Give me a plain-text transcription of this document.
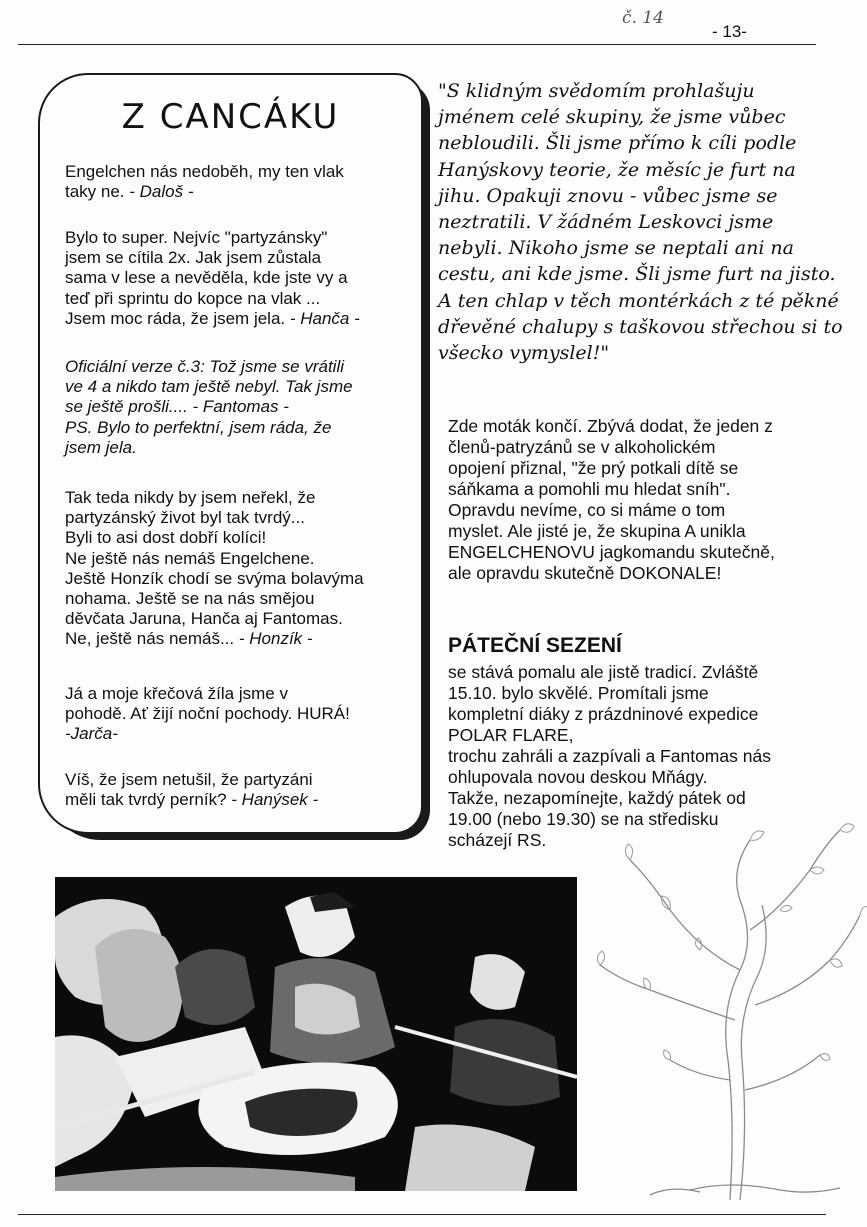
č. 14
- 13-
Z CANCÁKU
Engelchen nás nedoběh, my ten vlak
taky ne. - Daloš -
Bylo to super. Nejvíc "partyzánsky"
jsem se cítila 2x. Jak jsem zůstala
sama v lese a nevěděla, kde jste vy a
teď při sprintu do kopce na vlak ...
Jsem moc ráda, že jsem jela. - Hanča -
Oficiální verze č.3: Tož jsme se vrátili
ve 4 a nikdo tam ještě nebyl. Tak jsme
se ještě prošli.... - Fantomas -
PS. Bylo to perfektní, jsem ráda, že
jsem jela.
Tak teda nikdy by jsem neřekl, že
partyzánský život byl tak tvrdý...
Byli to asi dost dobří kolíci!
Ne ještě nás nemáš Engelchene.
Ještě Honzík chodí se svýma bolavýma
nohama. Ještě se na nás smějou
děvčata Jaruna, Hanča aj Fantomas.
Ne, ještě nás nemáš... - Honzík -
Já a moje křečová žíla jsme v
pohodě. Ať žijí noční pochody. HURÁ!
-Jarča-
Víš, že jsem netušil, že partyzáni
měli tak tvrdý perník? - Hanýsek -
"S klidným svědomím prohlašuju
jménem celé skupiny, že jsme vůbec
nebloudili. Šli jsme přímo k cíli podle
Hanýskovy teorie, že měsíc je furt na
jihu. Opakuji znovu - vůbec jsme se
neztratili. V žádném Leskovci jsme
nebyli. Nikoho jsme se neptali ani na
cestu, ani kde jsme. Šli jsme furt na jisto.
A ten chlap v těch montérkách z té pěkné
dřevěné chalupy s taškovou střechou si to
všecko vymyslel!"
Zde moták končí. Zbývá dodat, že jeden z
členů-patryzánů se v alkoholickém
opojení přiznal, "že prý potkali dítě se
sáňkama a pomohli mu hledat sníh".
Opravdu nevíme, co si máme o tom
myslet. Ale jisté je, že skupina A unikla
ENGELCHENOVU jagkomandu skutečně,
ale opravdu skutečně DOKONALE!
PÁTEČNÍ SEZENÍ
se stává pomalu ale jistě tradicí. Zvláště
15.10. bylo skvělé. Promítali jsme
kompletní diáky z prázdninové expedice
POLAR FLARE,
trochu zahráli a zazpívali a Fantomas nás
ohlupovala novou deskou Mňágy.
Takže, nezapomínejte, každý pátek od
19.00 (nebo 19.30) se na středisku
scházejí RS.
